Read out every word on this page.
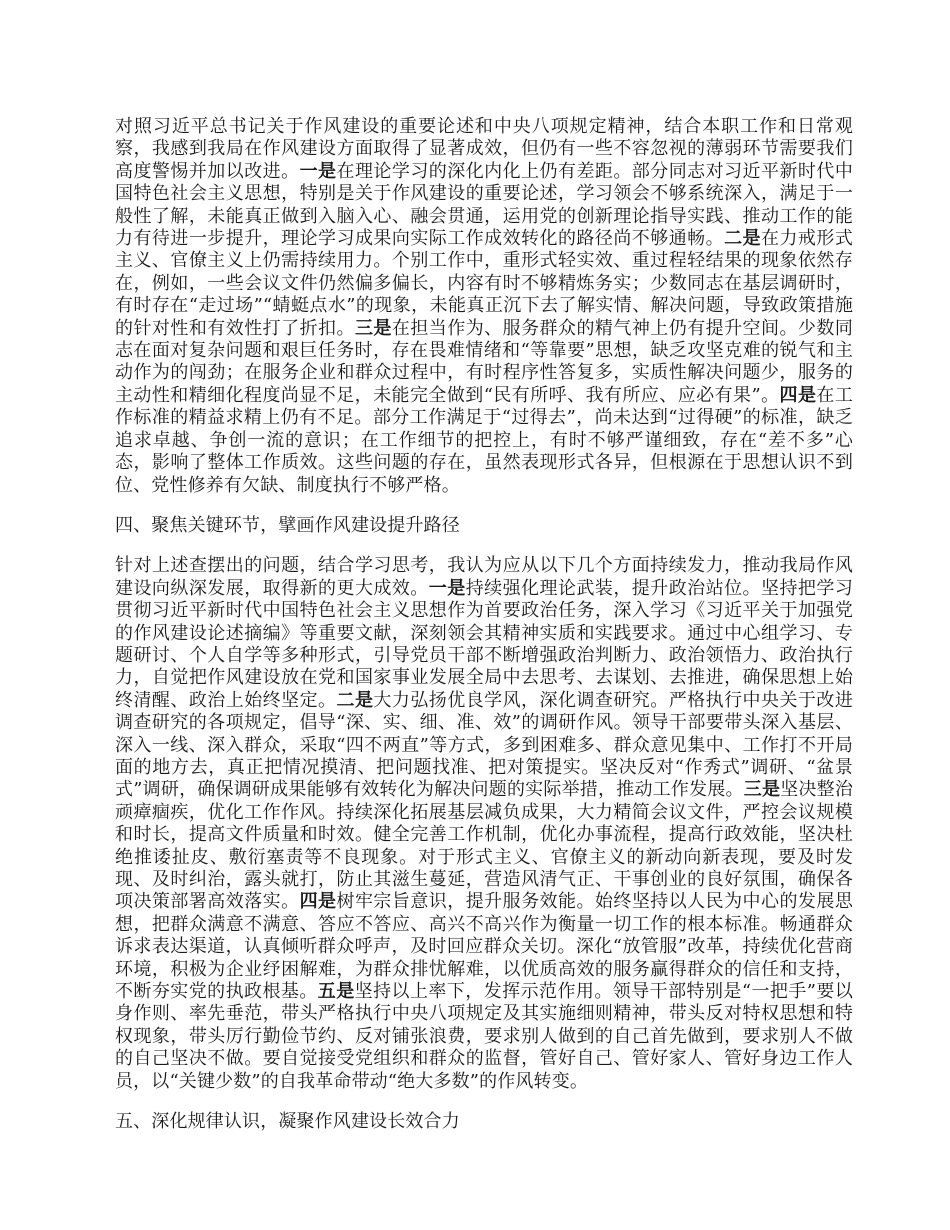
对照习近平总书记关于作风建设的重要论述和中央八项规定精神，结合本职工作和日常观察，我感到我局在作风建设方面取得了显著成效，但仍有一些不容忽视的薄弱环节需要我们高度警惕并加以改进。一是在理论学习的深化内化上仍有差距。部分同志对习近平新时代中国特色社会主义思想，特别是关于作风建设的重要论述，学习领会不够系统深入，满足于一般性了解，未能真正做到入脑入心、融会贯通，运用党的创新理论指导实践、推动工作的能力有待进一步提升，理论学习成果向实际工作成效转化的路径尚不够通畅。二是在力戒形式主义、官僚主义上仍需持续用力。个别工作中，重形式轻实效、重过程轻结果的现象依然存在，例如，一些会议文件仍然偏多偏长，内容有时不够精炼务实；少数同志在基层调研时，有时存在“走过场”“蜻蜓点水”的现象，未能真正沉下去了解实情、解决问题，导致政策措施的针对性和有效性打了折扣。三是在担当作为、服务群众的精气神上仍有提升空间。少数同志在面对复杂问题和艰巨任务时，存在畏难情绪和“等靠要”思想，缺乏攻坚克难的锐气和主动作为的闯劲；在服务企业和群众过程中，有时程序性答复多，实质性解决问题少，服务的主动性和精细化程度尚显不足，未能完全做到“民有所呼、我有所应、应必有果”。四是在工作标准的精益求精上仍有不足。部分工作满足于“过得去”，尚未达到“过得硬”的标准，缺乏追求卓越、争创一流的意识；在工作细节的把控上，有时不够严谨细致，存在“差不多”心态，影响了整体工作质效。这些问题的存在，虽然表现形式各异，但根源在于思想认识不到位、党性修养有欠缺、制度执行不够严格。

四、聚焦关键环节，擘画作风建设提升路径

针对上述查摆出的问题，结合学习思考，我认为应从以下几个方面持续发力，推动我局作风建设向纵深发展，取得新的更大成效。一是持续强化理论武装，提升政治站位。坚持把学习贯彻习近平新时代中国特色社会主义思想作为首要政治任务，深入学习《习近平关于加强党的作风建设论述摘编》等重要文献，深刻领会其精神实质和实践要求。通过中心组学习、专题研讨、个人自学等多种形式，引导党员干部不断增强政治判断力、政治领悟力、政治执行力，自觉把作风建设放在党和国家事业发展全局中去思考、去谋划、去推进，确保思想上始终清醒、政治上始终坚定。二是大力弘扬优良学风，深化调查研究。严格执行中央关于改进调查研究的各项规定，倡导“深、实、细、准、效”的调研作风。领导干部要带头深入基层、深入一线、深入群众，采取“四不两直”等方式，多到困难多、群众意见集中、工作打不开局面的地方去，真正把情况摸清、把问题找准、把对策提实。坚决反对“作秀式”调研、“盆景式”调研，确保调研成果能够有效转化为解决问题的实际举措，推动工作发展。三是坚决整治顽瘴痼疾，优化工作作风。持续深化拓展基层减负成果，大力精简会议文件，严控会议规模和时长，提高文件质量和时效。健全完善工作机制，优化办事流程，提高行政效能，坚决杜绝推诿扯皮、敷衍塞责等不良现象。对于形式主义、官僚主义的新动向新表现，要及时发现、及时纠治，露头就打，防止其滋生蔓延，营造风清气正、干事创业的良好氛围，确保各项决策部署高效落实。四是树牢宗旨意识，提升服务效能。始终坚持以人民为中心的发展思想，把群众满意不满意、答应不答应、高兴不高兴作为衡量一切工作的根本标准。畅通群众诉求表达渠道，认真倾听群众呼声，及时回应群众关切。深化“放管服”改革，持续优化营商环境，积极为企业纾困解难，为群众排忧解难，以优质高效的服务赢得群众的信任和支持，不断夯实党的执政根基。五是坚持以上率下，发挥示范作用。领导干部特别是“一把手”要以身作则、率先垂范，带头严格执行中央八项规定及其实施细则精神，带头反对特权思想和特权现象，带头厉行勤俭节约、反对铺张浪费，要求别人做到的自己首先做到，要求别人不做的自己坚决不做。要自觉接受党组织和群众的监督，管好自己、管好家人、管好身边工作人员，以“关键少数”的自我革命带动“绝大多数”的作风转变。

五、深化规律认识，凝聚作风建设长效合力
